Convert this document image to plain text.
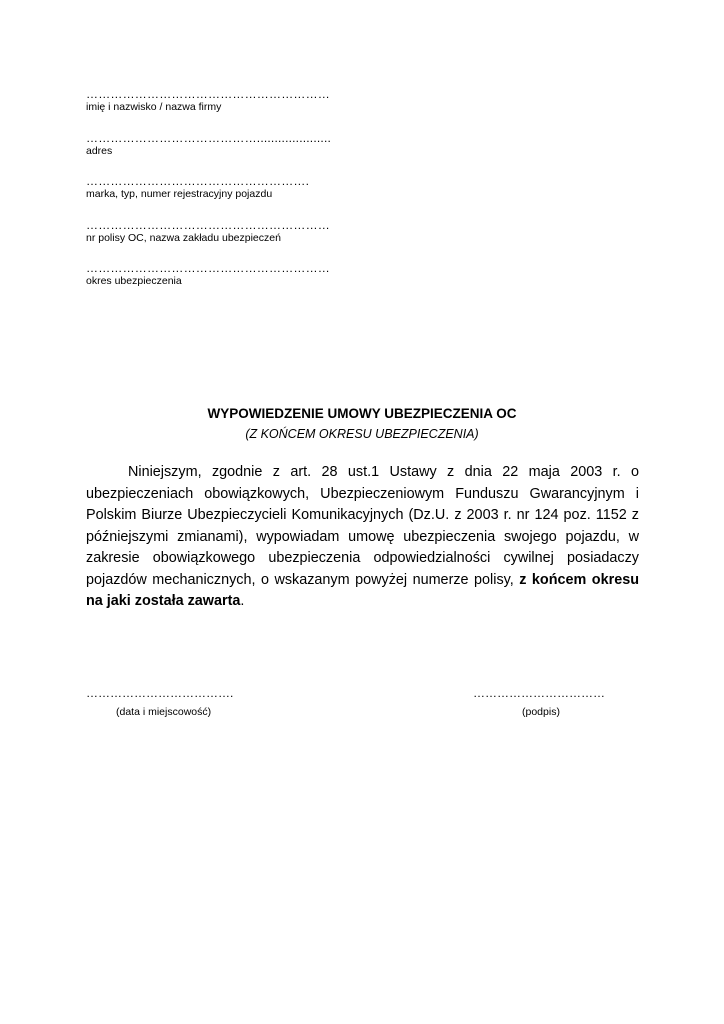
……………………………………………………
imię i nazwisko / nazwa firmy
…………………………………….....................
adres
……………………………………………….
marka, typ, numer rejestracyjny pojazdu
……………………………………………………
nr polisy OC, nazwa zakładu ubezpieczeń
……………………………………………………
okres ubezpieczenia
WYPOWIEDZENIE UMOWY UBEZPIECZENIA OC
(Z KOŃCEM OKRESU UBEZPIECZENIA)

Niniejszym, zgodnie z art. 28 ust.1 Ustawy z dnia 22 maja 2003 r. o ubezpieczeniach obowiązkowych, Ubezpieczeniowym Funduszu Gwarancyjnym i Polskim Biurze Ubezpieczycieli Komunikacyjnych (Dz.U. z 2003 r. nr 124 poz. 1152 z późniejszymi zmianami), wypowiadam umowę ubezpieczenia swojego pojazdu, w zakresie obowiązkowego ubezpieczenia odpowiedzialności cywilnej posiadaczy pojazdów mechanicznych, o wskazanym powyżej numerze polisy, z końcem okresu na jaki została zawarta.

……………………………….	……………………………
(data i miejscowość)	(podpis)
